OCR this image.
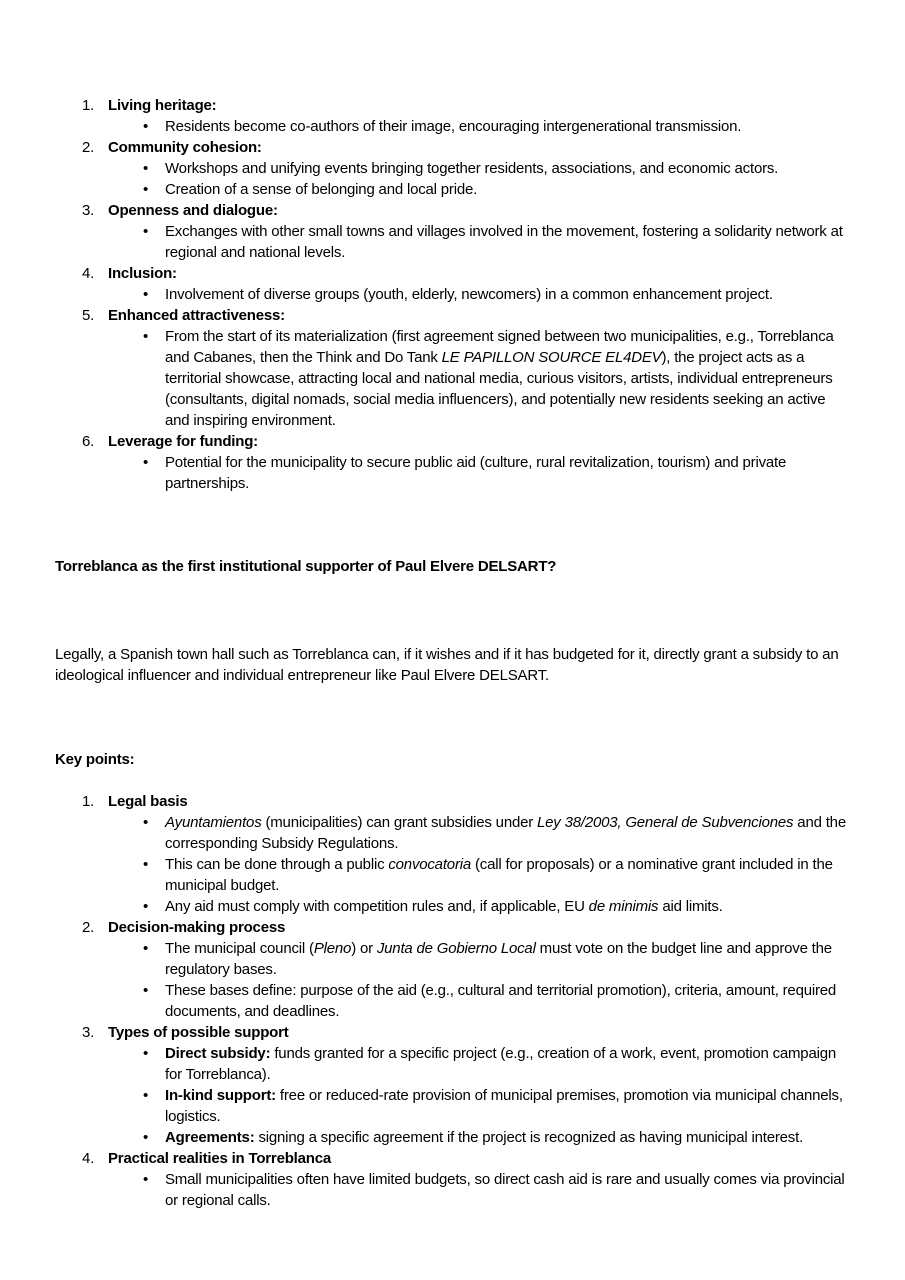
1. Living heritage:
• Residents become co-authors of their image, encouraging intergenerational transmission.
2. Community cohesion:
• Workshops and unifying events bringing together residents, associations, and economic actors.
• Creation of a sense of belonging and local pride.
3. Openness and dialogue:
• Exchanges with other small towns and villages involved in the movement, fostering a solidarity network at regional and national levels.
4. Inclusion:
• Involvement of diverse groups (youth, elderly, newcomers) in a common enhancement project.
5. Enhanced attractiveness:
• From the start of its materialization (first agreement signed between two municipalities, e.g., Torreblanca and Cabanes, then the Think and Do Tank LE PAPILLON SOURCE EL4DEV), the project acts as a territorial showcase, attracting local and national media, curious visitors, artists, individual entrepreneurs (consultants, digital nomads, social media influencers), and potentially new residents seeking an active and inspiring environment.
6. Leverage for funding:
• Potential for the municipality to secure public aid (culture, rural revitalization, tourism) and private partnerships.
Torreblanca as the first institutional supporter of Paul Elvere DELSART?
Legally, a Spanish town hall such as Torreblanca can, if it wishes and if it has budgeted for it, directly grant a subsidy to an ideological influencer and individual entrepreneur like Paul Elvere DELSART.
Key points:
1. Legal basis
• Ayuntamientos (municipalities) can grant subsidies under Ley 38/2003, General de Subvenciones and the corresponding Subsidy Regulations.
• This can be done through a public convocatoria (call for proposals) or a nominative grant included in the municipal budget.
• Any aid must comply with competition rules and, if applicable, EU de minimis aid limits.
2. Decision-making process
• The municipal council (Pleno) or Junta de Gobierno Local must vote on the budget line and approve the regulatory bases.
• These bases define: purpose of the aid (e.g., cultural and territorial promotion), criteria, amount, required documents, and deadlines.
3. Types of possible support
• Direct subsidy: funds granted for a specific project (e.g., creation of a work, event, promotion campaign for Torreblanca).
• In-kind support: free or reduced-rate provision of municipal premises, promotion via municipal channels, logistics.
• Agreements: signing a specific agreement if the project is recognized as having municipal interest.
4. Practical realities in Torreblanca
• Small municipalities often have limited budgets, so direct cash aid is rare and usually comes via provincial or regional calls.
